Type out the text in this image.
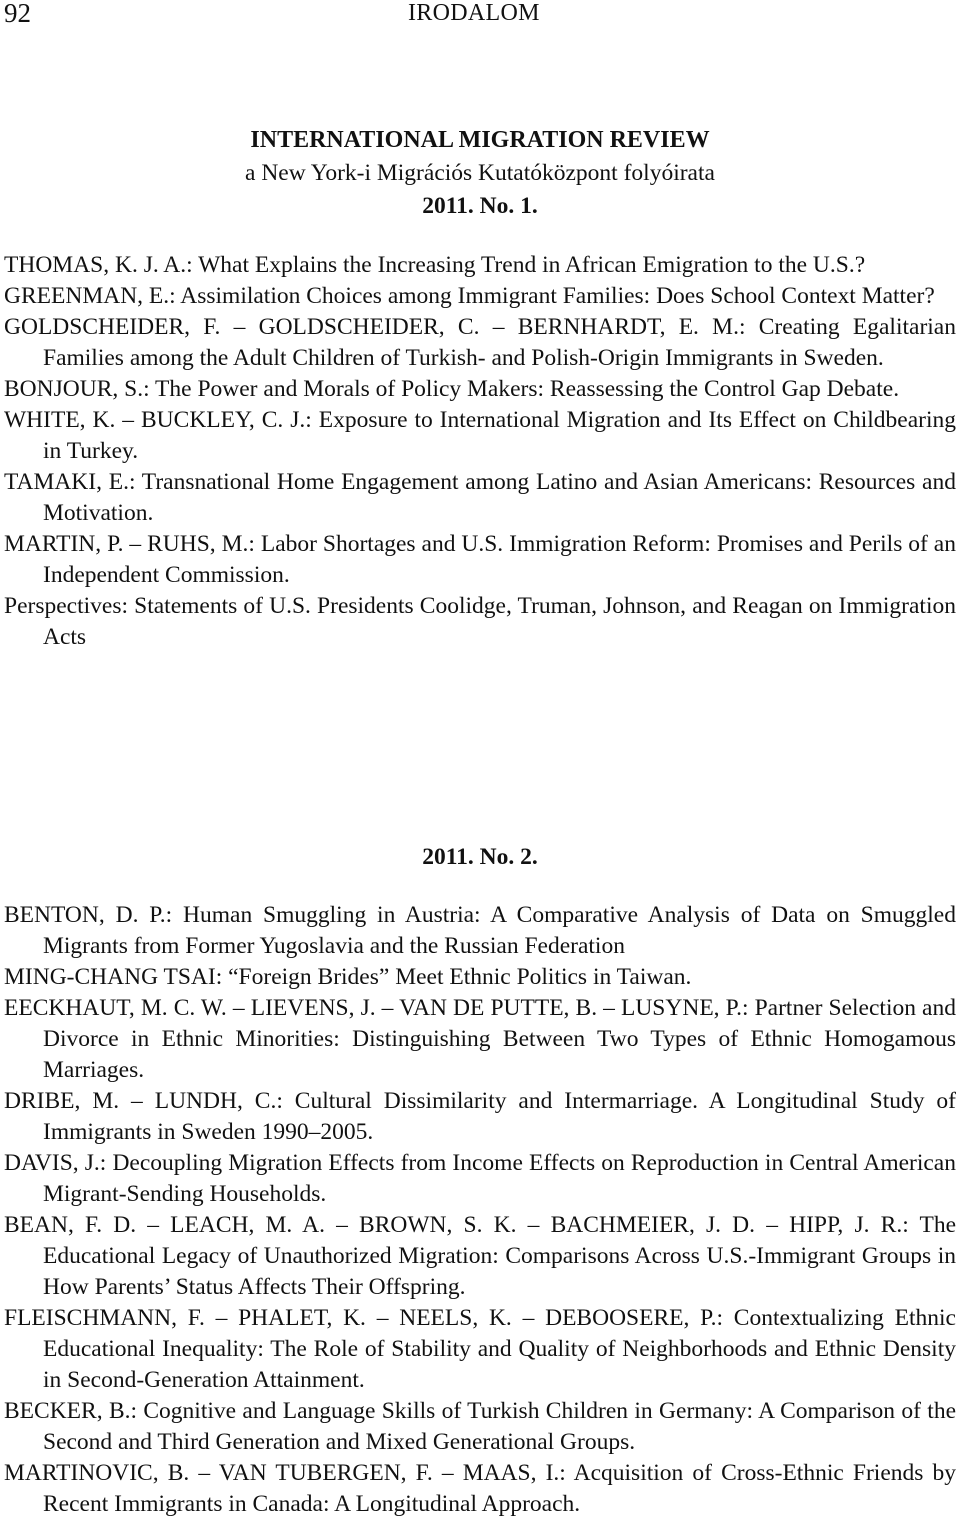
92	IRODALOM
INTERNATIONAL MIGRATION REVIEW
a New York-i Migrációs Kutatóközpont folyóirata
2011. No. 1.

THOMAS, K. J. A.: What Explains the Increasing Trend in African Emigration to the U.S.?

GREENMAN, E.: Assimilation Choices among Immigrant Families: Does School Context Matter?

GOLDSCHEIDER, F. – GOLDSCHEIDER, C. – BERNHARDT, E. M.: Creating Egalitarian Families among the Adult Children of Turkish- and Polish-Origin Immigrants in Sweden.

BONJOUR, S.: The Power and Morals of Policy Makers: Reassessing the Control Gap Debate.

WHITE, K. – BUCKLEY, C. J.: Exposure to International Migration and Its Effect on Childbearing in Turkey.

TAMAKI, E.: Transnational Home Engagement among Latino and Asian Americans: Resources and Motivation.

MARTIN, P. – RUHS, M.: Labor Shortages and U.S. Immigration Reform: Promises and Perils of an Independent Commission.

Perspectives: Statements of U.S. Presidents Coolidge, Truman, Johnson, and Reagan on Immigration Acts

2011. No. 2.

BENTON, D. P.: Human Smuggling in Austria: A Comparative Analysis of Data on Smuggled Migrants from Former Yugoslavia and the Russian Federation

MING-CHANG TSAI: “Foreign Brides” Meet Ethnic Politics in Taiwan.

EECKHAUT, M. C. W. – LIEVENS, J. – VAN DE PUTTE, B. – LUSYNE, P.: Partner Selection and Divorce in Ethnic Minorities: Distinguishing Between Two Types of Ethnic Homogamous Marriages.

DRIBE, M. – LUNDH, C.: Cultural Dissimilarity and Intermarriage. A Longitudinal Study of Immigrants in Sweden 1990–2005.

DAVIS, J.: Decoupling Migration Effects from Income Effects on Reproduction in Central American Migrant-Sending Households.

BEAN, F. D. – LEACH, M. A. – BROWN, S. K. – BACHMEIER, J. D. – HIPP, J. R.: The Educational Legacy of Unauthorized Migration: Comparisons Across U.S.-Immigrant Groups in How Parents’ Status Affects Their Offspring.

FLEISCHMANN, F. – PHALET, K. – NEELS, K. – DEBOOSERE, P.: Contextualizing Ethnic Educational Inequality: The Role of Stability and Quality of Neighborhoods and Ethnic Density in Second-Generation Attainment.

BECKER, B.: Cognitive and Language Skills of Turkish Children in Germany: A Comparison of the Second and Third Generation and Mixed Generational Groups.

MARTINOVIC, B. – VAN TUBERGEN, F. – MAAS, I.: Acquisition of Cross-Ethnic Friends by Recent Immigrants in Canada: A Longitudinal Approach.
